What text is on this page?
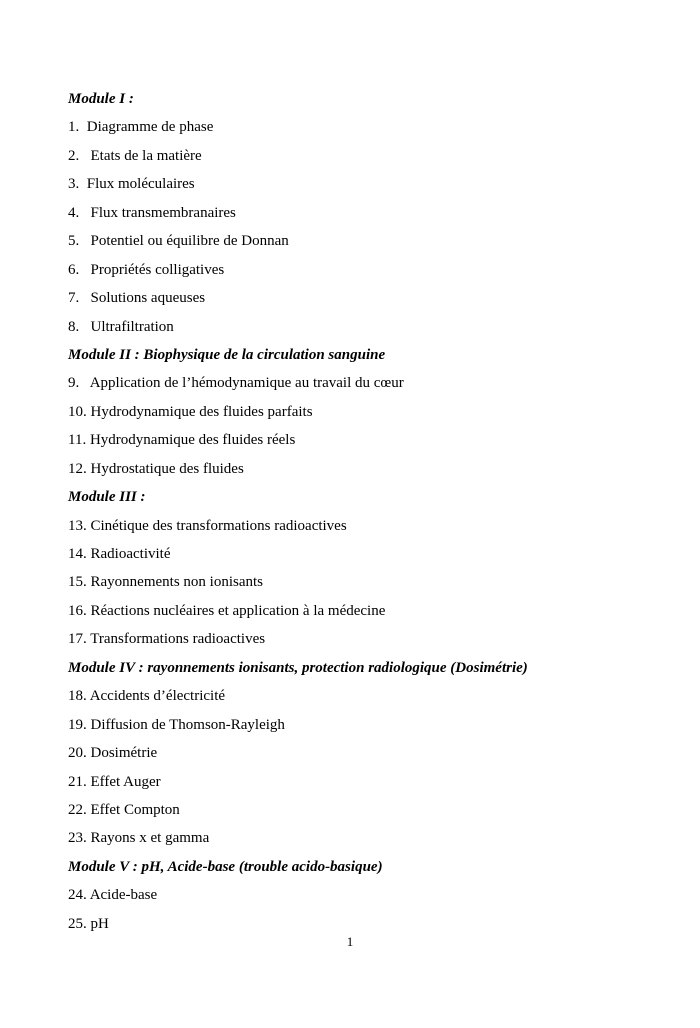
Module I :
1. Diagramme de phase
2. Etats de la matière
3. Flux moléculaires
4. Flux transmembranaires
5. Potentiel ou équilibre de Donnan
6. Propriétés colligatives
7. Solutions aqueuses
8. Ultrafiltration
Module II : Biophysique de la circulation sanguine
9. Application de l’hémodynamique au travail du cœur
10. Hydrodynamique des fluides parfaits
11. Hydrodynamique des fluides réels
12. Hydrostatique des fluides
Module III :
13. Cinétique des transformations radioactives
14. Radioactivité
15. Rayonnements non ionisants
16. Réactions nucléaires et application à la médecine
17. Transformations radioactives
Module IV : rayonnements ionisants, protection radiologique (Dosimétrie)
18. Accidents d’électricité
19. Diffusion de Thomson-Rayleigh
20. Dosimétrie
21. Effet Auger
22. Effet Compton
23. Rayons x et gamma
Module V : pH, Acide-base (trouble acido-basique)
24. Acide-base
25. pH
1
